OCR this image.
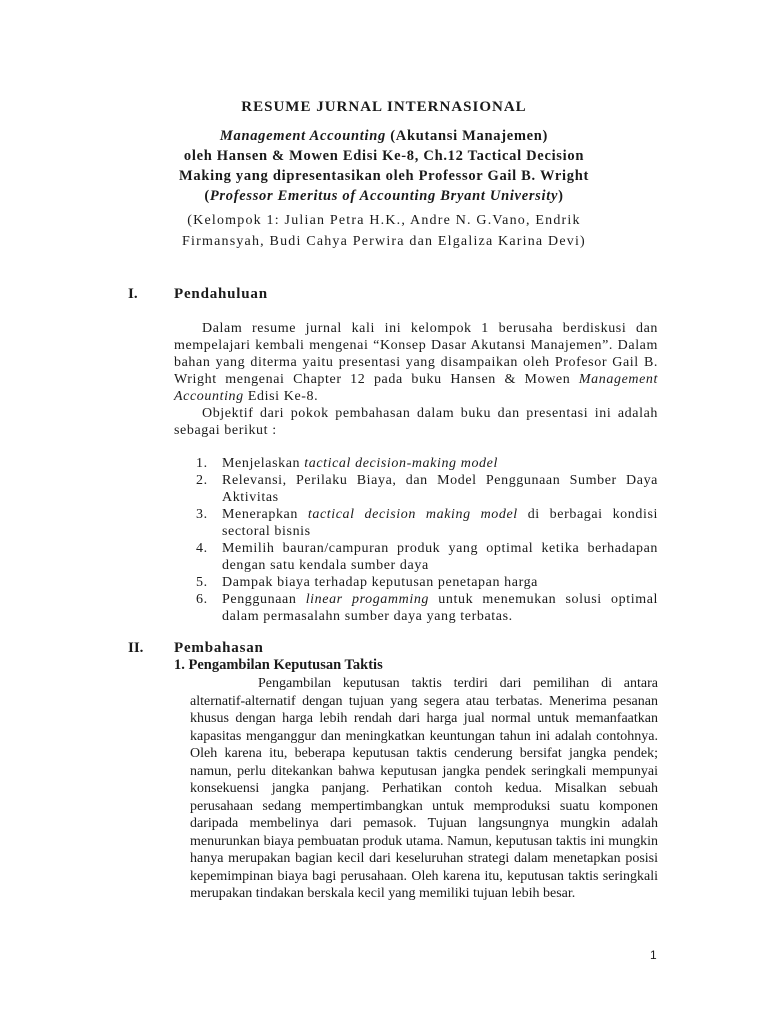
RESUME JURNAL INTERNASIONAL
Management Accounting (Akutansi Manajemen)
oleh Hansen & Mowen Edisi Ke-8, Ch.12 Tactical Decision
Making yang dipresentasikan oleh Professor Gail B. Wright
(Professor Emeritus of Accounting Bryant University)
(Kelompok 1: Julian Petra H.K., Andre N. G.Vano, Endrik
Firmansyah, Budi Cahya Perwira dan Elgaliza Karina Devi)
I. Pendahuluan

Dalam resume jurnal kali ini kelompok 1 berusaha berdiskusi dan mempelajari kembali mengenai “Konsep Dasar Akutansi Manajemen”. Dalam bahan yang diterma yaitu presentasi yang disampaikan oleh Profesor Gail B. Wright mengenai Chapter 12 pada buku Hansen & Mowen Management Accounting Edisi Ke-8.

Objektif dari pokok pembahasan dalam buku dan presentasi ini adalah sebagai berikut :

1. Menjelaskan tactical decision-making model
2. Relevansi, Perilaku Biaya, dan Model Penggunaan Sumber Daya Aktivitas
3. Menerapkan tactical decision making model di berbagai kondisi sectoral bisnis
4. Memilih bauran/campuran produk yang optimal ketika berhadapan dengan satu kendala sumber daya
5. Dampak biaya terhadap keputusan penetapan harga
6. Penggunaan linear progamming untuk menemukan solusi optimal dalam permasalahn sumber daya yang terbatas.
II. Pembahasan
1. Pengambilan Keputusan Taktis

Pengambilan keputusan taktis terdiri dari pemilihan di antara alternatif-alternatif dengan tujuan yang segera atau terbatas. Menerima pesanan khusus dengan harga lebih rendah dari harga jual normal untuk memanfaatkan kapasitas menganggur dan meningkatkan keuntungan tahun ini adalah contohnya. Oleh karena itu, beberapa keputusan taktis cenderung bersifat jangka pendek; namun, perlu ditekankan bahwa keputusan jangka pendek seringkali mempunyai konsekuensi jangka panjang. Perhatikan contoh kedua. Misalkan sebuah perusahaan sedang mempertimbangkan untuk memproduksi suatu komponen daripada membelinya dari pemasok. Tujuan langsungnya mungkin adalah menurunkan biaya pembuatan produk utama. Namun, keputusan taktis ini mungkin hanya merupakan bagian kecil dari keseluruhan strategi dalam menetapkan posisi kepemimpinan biaya bagi perusahaan. Oleh karena itu, keputusan taktis seringkali merupakan tindakan berskala kecil yang memiliki tujuan lebih besar.

1
